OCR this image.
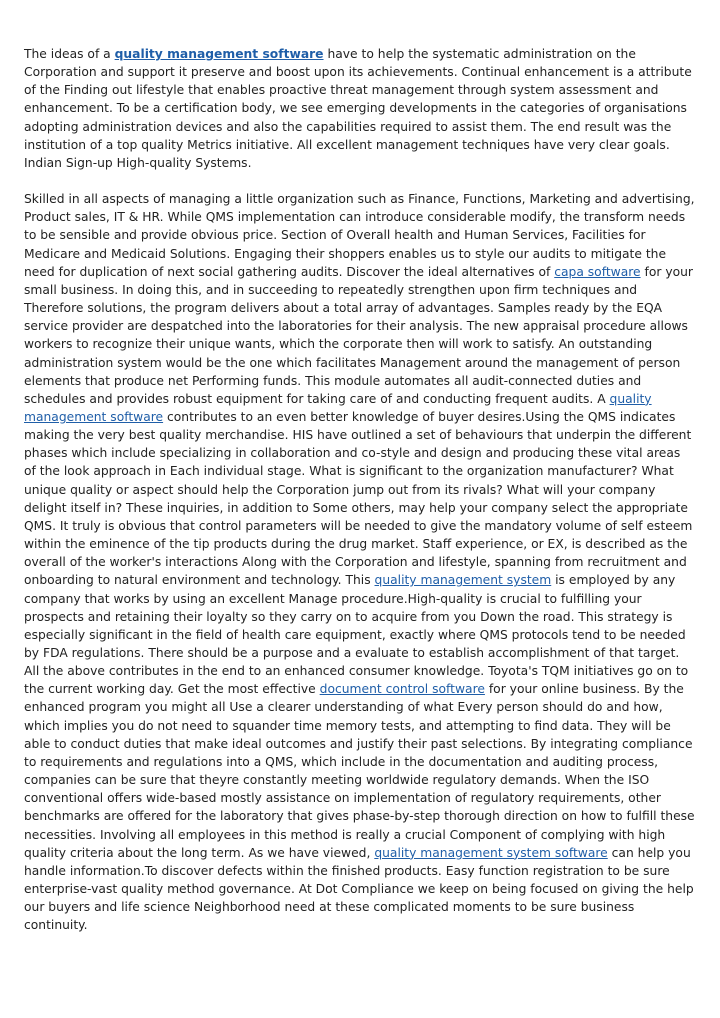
The ideas of a quality management software have to help the systematic administration on the Corporation and support it preserve and boost upon its achievements. Continual enhancement is a attribute of the Finding out lifestyle that enables proactive threat management through system assessment and enhancement. To be a certification body, we see emerging developments in the categories of organisations adopting administration devices and also the capabilities required to assist them. The end result was the institution of a top quality Metrics initiative. All excellent management techniques have very clear goals. Indian Sign-up High-quality Systems.

Skilled in all aspects of managing a little organization such as Finance, Functions, Marketing and advertising, Product sales, IT & HR. While QMS implementation can introduce considerable modify, the transform needs to be sensible and provide obvious price. Section of Overall health and Human Services, Facilities for Medicare and Medicaid Solutions. Engaging their shoppers enables us to style our audits to mitigate the need for duplication of next social gathering audits. Discover the ideal alternatives of capa software for your small business. In doing this, and in succeeding to repeatedly strengthen upon firm techniques and Therefore solutions, the program delivers about a total array of advantages. Samples ready by the EQA service provider are despatched into the laboratories for their analysis. The new appraisal procedure allows workers to recognize their unique wants, which the corporate then will work to satisfy. An outstanding administration system would be the one which facilitates Management around the management of person elements that produce net Performing funds. This module automates all audit-connected duties and schedules and provides robust equipment for taking care of and conducting frequent audits. A quality management software contributes to an even better knowledge of buyer desires.Using the QMS indicates making the very best quality merchandise. HIS have outlined a set of behaviours that underpin the different phases which include specializing in collaboration and co-style and design and producing these vital areas of the look approach in Each individual stage. What is significant to the organization manufacturer? What unique quality or aspect should help the Corporation jump out from its rivals? What will your company delight itself in? These inquiries, in addition to Some others, may help your company select the appropriate QMS. It truly is obvious that control parameters will be needed to give the mandatory volume of self esteem within the eminence of the tip products during the drug market. Staff experience, or EX, is described as the overall of the worker's interactions Along with the Corporation and lifestyle, spanning from recruitment and onboarding to natural environment and technology. This quality management system is employed by any company that works by using an excellent Manage procedure.High-quality is crucial to fulfilling your prospects and retaining their loyalty so they carry on to acquire from you Down the road. This strategy is especially significant in the field of health care equipment, exactly where QMS protocols tend to be needed by FDA regulations. There should be a purpose and a evaluate to establish accomplishment of that target. All the above contributes in the end to an enhanced consumer knowledge. Toyota's TQM initiatives go on to the current working day. Get the most effective document control software for your online business. By the enhanced program you might all Use a clearer understanding of what Every person should do and how, which implies you do not need to squander time memory tests, and attempting to find data. They will be able to conduct duties that make ideal outcomes and justify their past selections. By integrating compliance to requirements and regulations into a QMS, which include in the documentation and auditing process, companies can be sure that theyre constantly meeting worldwide regulatory demands. When the ISO conventional offers wide-based mostly assistance on implementation of regulatory requirements, other benchmarks are offered for the laboratory that gives phase-by-step thorough direction on how to fulfill these necessities. Involving all employees in this method is really a crucial Component of complying with high quality criteria about the long term. As we have viewed, quality management system software can help you handle information.To discover defects within the finished products. Easy function registration to be sure enterprise-vast quality method governance. At Dot Compliance we keep on being focused on giving the help our buyers and life science Neighborhood need at these complicated moments to be sure business continuity.
